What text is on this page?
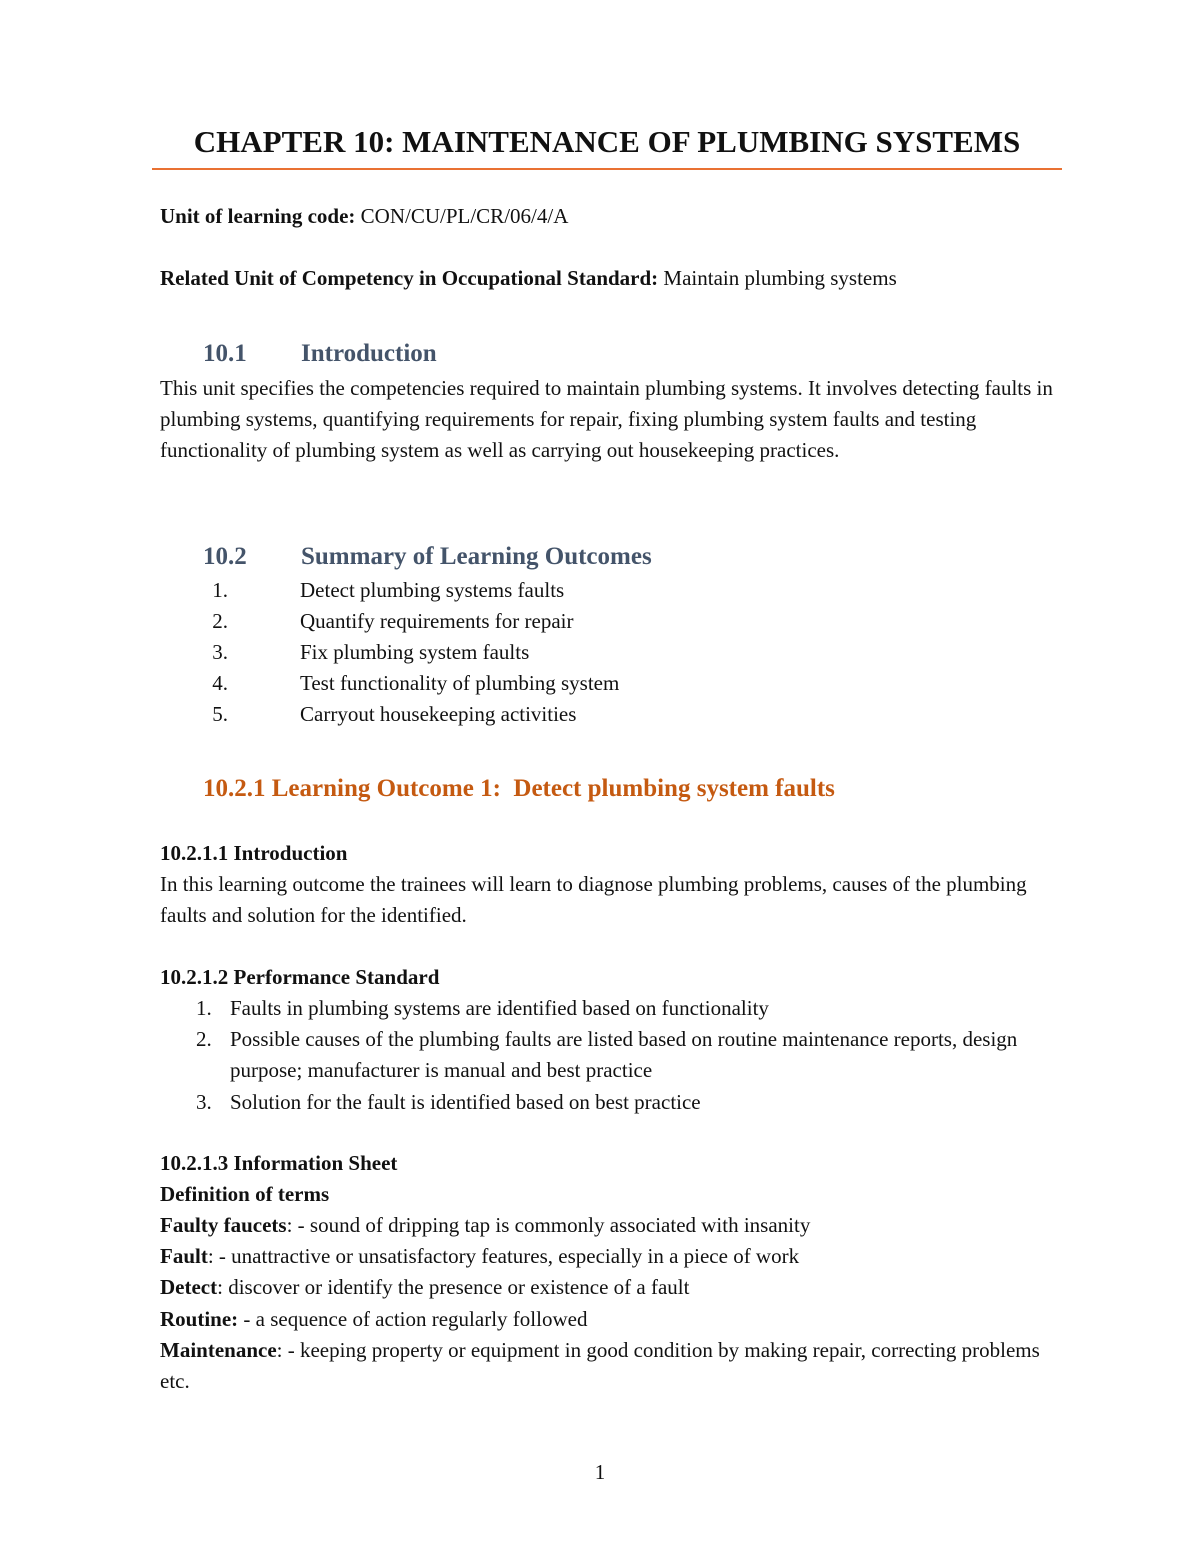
CHAPTER 10: MAINTENANCE OF PLUMBING SYSTEMS

Unit of learning code: CON/CU/PL/CR/06/4/A

Related Unit of Competency in Occupational Standard: Maintain plumbing systems

10.1 Introduction

This unit specifies the competencies required to maintain plumbing systems. It involves detecting faults in plumbing systems, quantifying requirements for repair, fixing plumbing system faults and testing functionality of plumbing system as well as carrying out housekeeping practices.

10.2 Summary of Learning Outcomes
1.	Detect plumbing systems faults
2.	Quantify requirements for repair
3.	Fix plumbing system faults
4.	Test functionality of plumbing system
5.	Carryout housekeeping activities
10.2.1 Learning Outcome 1:  Detect plumbing system faults

10.2.1.1 Introduction

In this learning outcome the trainees will learn to diagnose plumbing problems, causes of the plumbing faults and solution for the identified.

10.2.1.2 Performance Standard

1. Faults in plumbing systems are identified based on functionality
2. Possible causes of the plumbing faults are listed based on routine maintenance reports, design purpose; manufacturer is manual and best practice
3. Solution for the fault is identified based on best practice

10.2.1.3 Information Sheet

Definition of terms

Faulty faucets: - sound of dripping tap is commonly associated with insanity
Fault: - unattractive or unsatisfactory features, especially in a piece of work
Detect: discover or identify the presence or existence of a fault
Routine: - a sequence of action regularly followed
Maintenance: - keeping property or equipment in good condition by making repair, correcting problems etc.

1
